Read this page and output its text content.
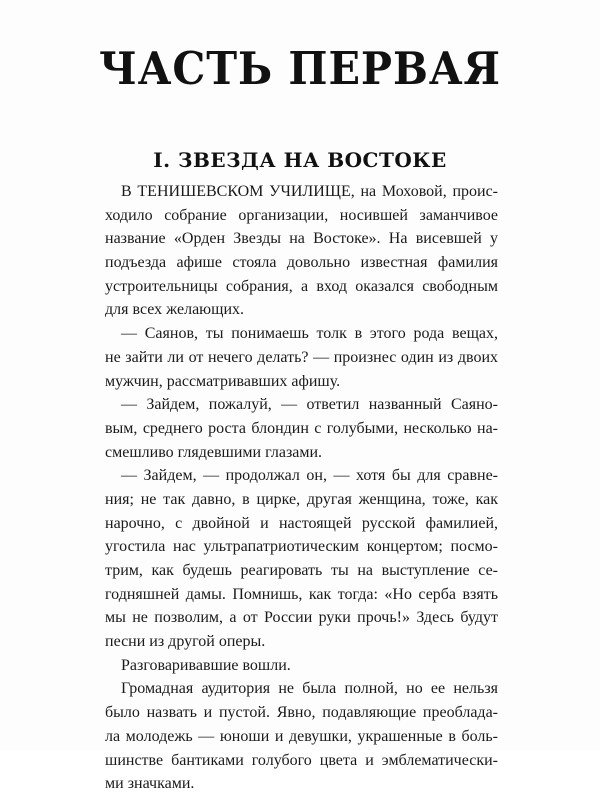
ЧАСТЬ ПЕРВАЯ
I. ЗВЕЗДА НА ВОСТОКЕ
В ТЕНИШЕВСКОМ УЧИЛИЩЕ, на Моховой, проис-
ходило собрание организации, носившей заманчивое
название «Орден Звезды на Востоке». На висевшей у
подъезда афише стояла довольно известная фамилия
устроительницы собрания, а вход оказался свободным
для всех желающих.
— Саянов, ты понимаешь толк в этого рода вещах,
не зайти ли от нечего делать? — произнес один из двоих
мужчин, рассматривавших афишу.
— Зайдем, пожалуй, — ответил названный Саяно-
вым, среднего роста блондин с голубыми, несколько на-
смешливо глядевшими глазами.
— Зайдем, — продолжал он, — хотя бы для сравне-
ния; не так давно, в цирке, другая женщина, тоже, как
нарочно, с двойной и настоящей русской фамилией,
угостила нас ультрапатриотическим концертом; посмо-
трим, как будешь реагировать ты на выступление се-
годняшней дамы. Помнишь, как тогда: «Но серба взять
мы не позволим, а от России руки прочь!» Здесь будут
песни из другой оперы.
Разговаривавшие вошли.
Громадная аудитория не была полной, но ее нельзя
было назвать и пустой. Явно, подавляющие преоблада-
ла молодежь — юноши и девушки, украшенные в боль-
шинстве бантиками голубого цвета и эмблематически-
ми значками.
